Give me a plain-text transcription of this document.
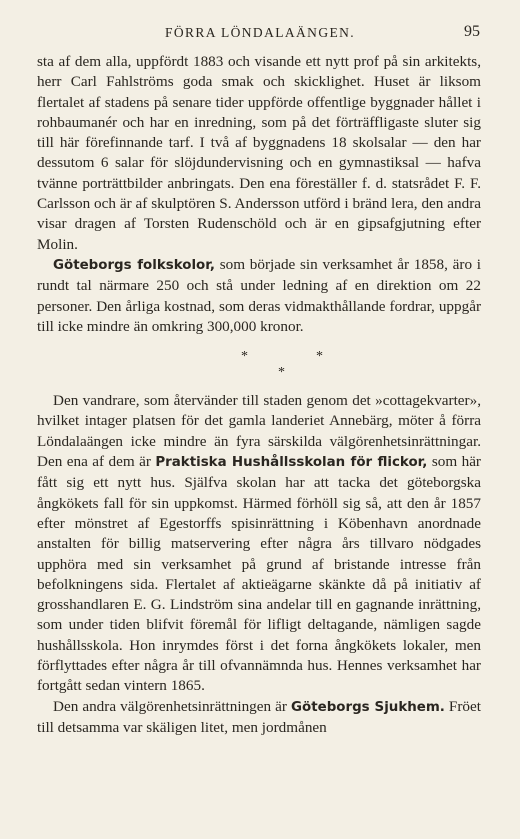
FÖRRA LÖNDALAÄNGEN.	95

sta af dem alla, uppfördt 1883 och visande ett nytt prof på sin arkitekts, herr Carl Fahlströms goda smak och skicklighet. Huset är liksom flertalet af stadens på senare tider uppförde offentlige byggnader hållet i rohbaumanér och har en inredning, som på det förträffligaste sluter sig till här förefinnande tarf. I två af byggnadens 18 skolsalar — den har dessutom 6 salar för slöjdundervisning och en gymnastiksal — hafva tvänne porträttbilder anbringats. Den ena föreställer f. d. statsrådet F. F. Carlsson och är af skulptören S. Andersson utförd i bränd lera, den andra visar dragen af Torsten Rudenschöld och är en gipsafgjutning efter Molin.

Göteborgs folkskolor, som började sin verksamhet år 1858, äro i rundt tal närmare 250 och stå under ledning af en direktion om 22 personer. Den årliga kostnad, som deras vidmakthållande fordrar, uppgår till icke mindre än omkring 300,000 kronor.

*	*
*

Den vandrare, som återvänder till staden genom det »cottagekvarter», hvilket intager platsen för det gamla landeriet Annebärg, möter å förra Löndalaängen icke mindre än fyra särskilda välgörenhetsinrättningar. Den ena af dem är Praktiska Hushållsskolan för flickor, som här fått sig ett nytt hus. Själfva skolan har att tacka det göteborgska ångkökets fall för sin uppkomst. Härmed förhöll sig så, att den år 1857 efter mönstret af Egestorffs spisinrättning i Köbenhavn anordnade anstalten för billig matservering efter några års tillvaro nödgades upphöra med sin verksamhet på grund af bristande intresse från befolkningens sida. Flertalet af aktieägarne skänkte då på initiativ af grosshandlaren E. G. Lindström sina andelar till en gagnande inrättning, som under tiden blifvit föremål för lifligt deltagande, nämligen sagde hushållsskola. Hon inrymdes först i det forna ångkökets lokaler, men förflyttades efter några år till ofvannämnda hus. Hennes verksamhet har fortgått sedan vintern 1865.

Den andra välgörenhetsinrättningen är Göteborgs Sjukhem. Fröet till detsamma var skäligen litet, men jordmånen
